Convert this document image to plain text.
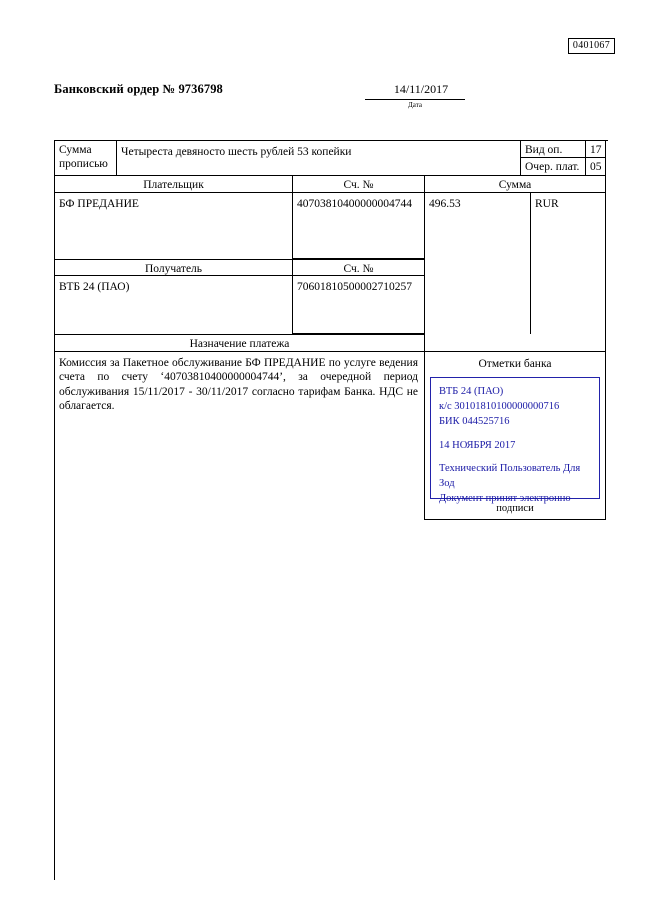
0401067
Банковский ордер № 9736798	14/11/2017
Дата
Сумма
прописью
Четыреста девяносто шесть рублей 53 копейки	Вид оп.	17
Очер. плат. 05
Плательщик	Сч. №	Сумма
БФ ПРЕДАНИЕ	40703810400000004744	496.53	RUR
Получатель	Сч. №
ВТБ 24 (ПАО)	70601810500002710257
Назначение платежа
Комиссия за Пакетное обслуживание БФ ПРЕДАНИЕ по услуге ведения счета по счету ‘40703810400000004744’, за очередной период обслуживания 15/11/2017 - 30/11/2017 согласно тарифам Банка. НДС не облагается.
Отметки банка
ВТБ 24 (ПАО)
к/с 30101810100000000716
БИК 044525716
14 НОЯБРЯ 2017
Технический Пользователь Для
Зод
Документ принят электронно
подписи
